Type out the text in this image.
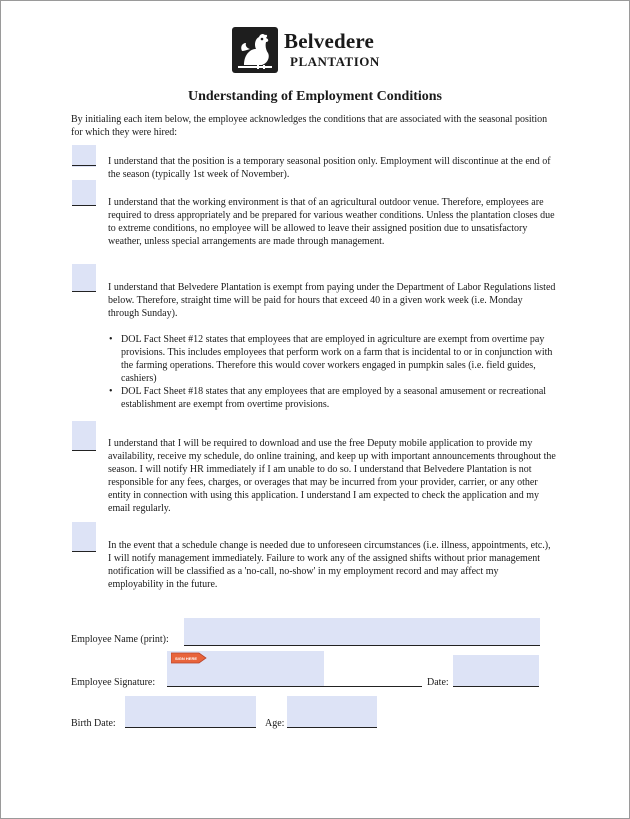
Belvedere
PLANTATION
Understanding of Employment Conditions
By initialing each item below, the employee acknowledges the conditions that are associated with the seasonal position for which they were hired:
I understand that the position is a temporary seasonal position only. Employment will discontinue at the end of the season (typically 1st week of November).
I understand that the working environment is that of an agricultural outdoor venue. Therefore, employees are required to dress appropriately and be prepared for various weather conditions. Unless the plantation closes due to extreme conditions, no employee will be allowed to leave their assigned position due to unsatisfactory weather, unless special arrangements are made through management.
I understand that Belvedere Plantation is exempt from paying under the Department of Labor Regulations listed below. Therefore, straight time will be paid for hours that exceed 40 in a given work week (i.e. Monday through Sunday).
• DOL Fact Sheet #12 states that employees that are employed in agriculture are exempt from overtime pay provisions. This includes employees that perform work on a farm that is incidental to or in conjunction with the farming operations. Therefore this would cover workers engaged in pumpkin sales (i.e. field guides, cashiers)
• DOL Fact Sheet #18 states that any employees that are employed by a seasonal amusement or recreational establishment are exempt from overtime provisions.
I understand that I will be required to download and use the free Deputy mobile application to provide my availability, receive my schedule, do online training, and keep up with important announcements throughout the season. I will notify HR immediately if I am unable to do so. I understand that Belvedere Plantation is not responsible for any fees, charges, or overages that may be incurred from your provider, carrier, or any other entity in connection with using this application. I understand I am expected to check the application and my email regularly.
In the event that a schedule change is needed due to unforeseen circumstances (i.e. illness, appointments, etc.), I will notify management immediately. Failure to work any of the assigned shifts without prior management notification will be classified as a 'no-call, no-show' in my employment record and may affect my employability in the future.
Employee Name (print):
Employee Signature:
SIGN HERE
Date:
Birth Date:	Age:
